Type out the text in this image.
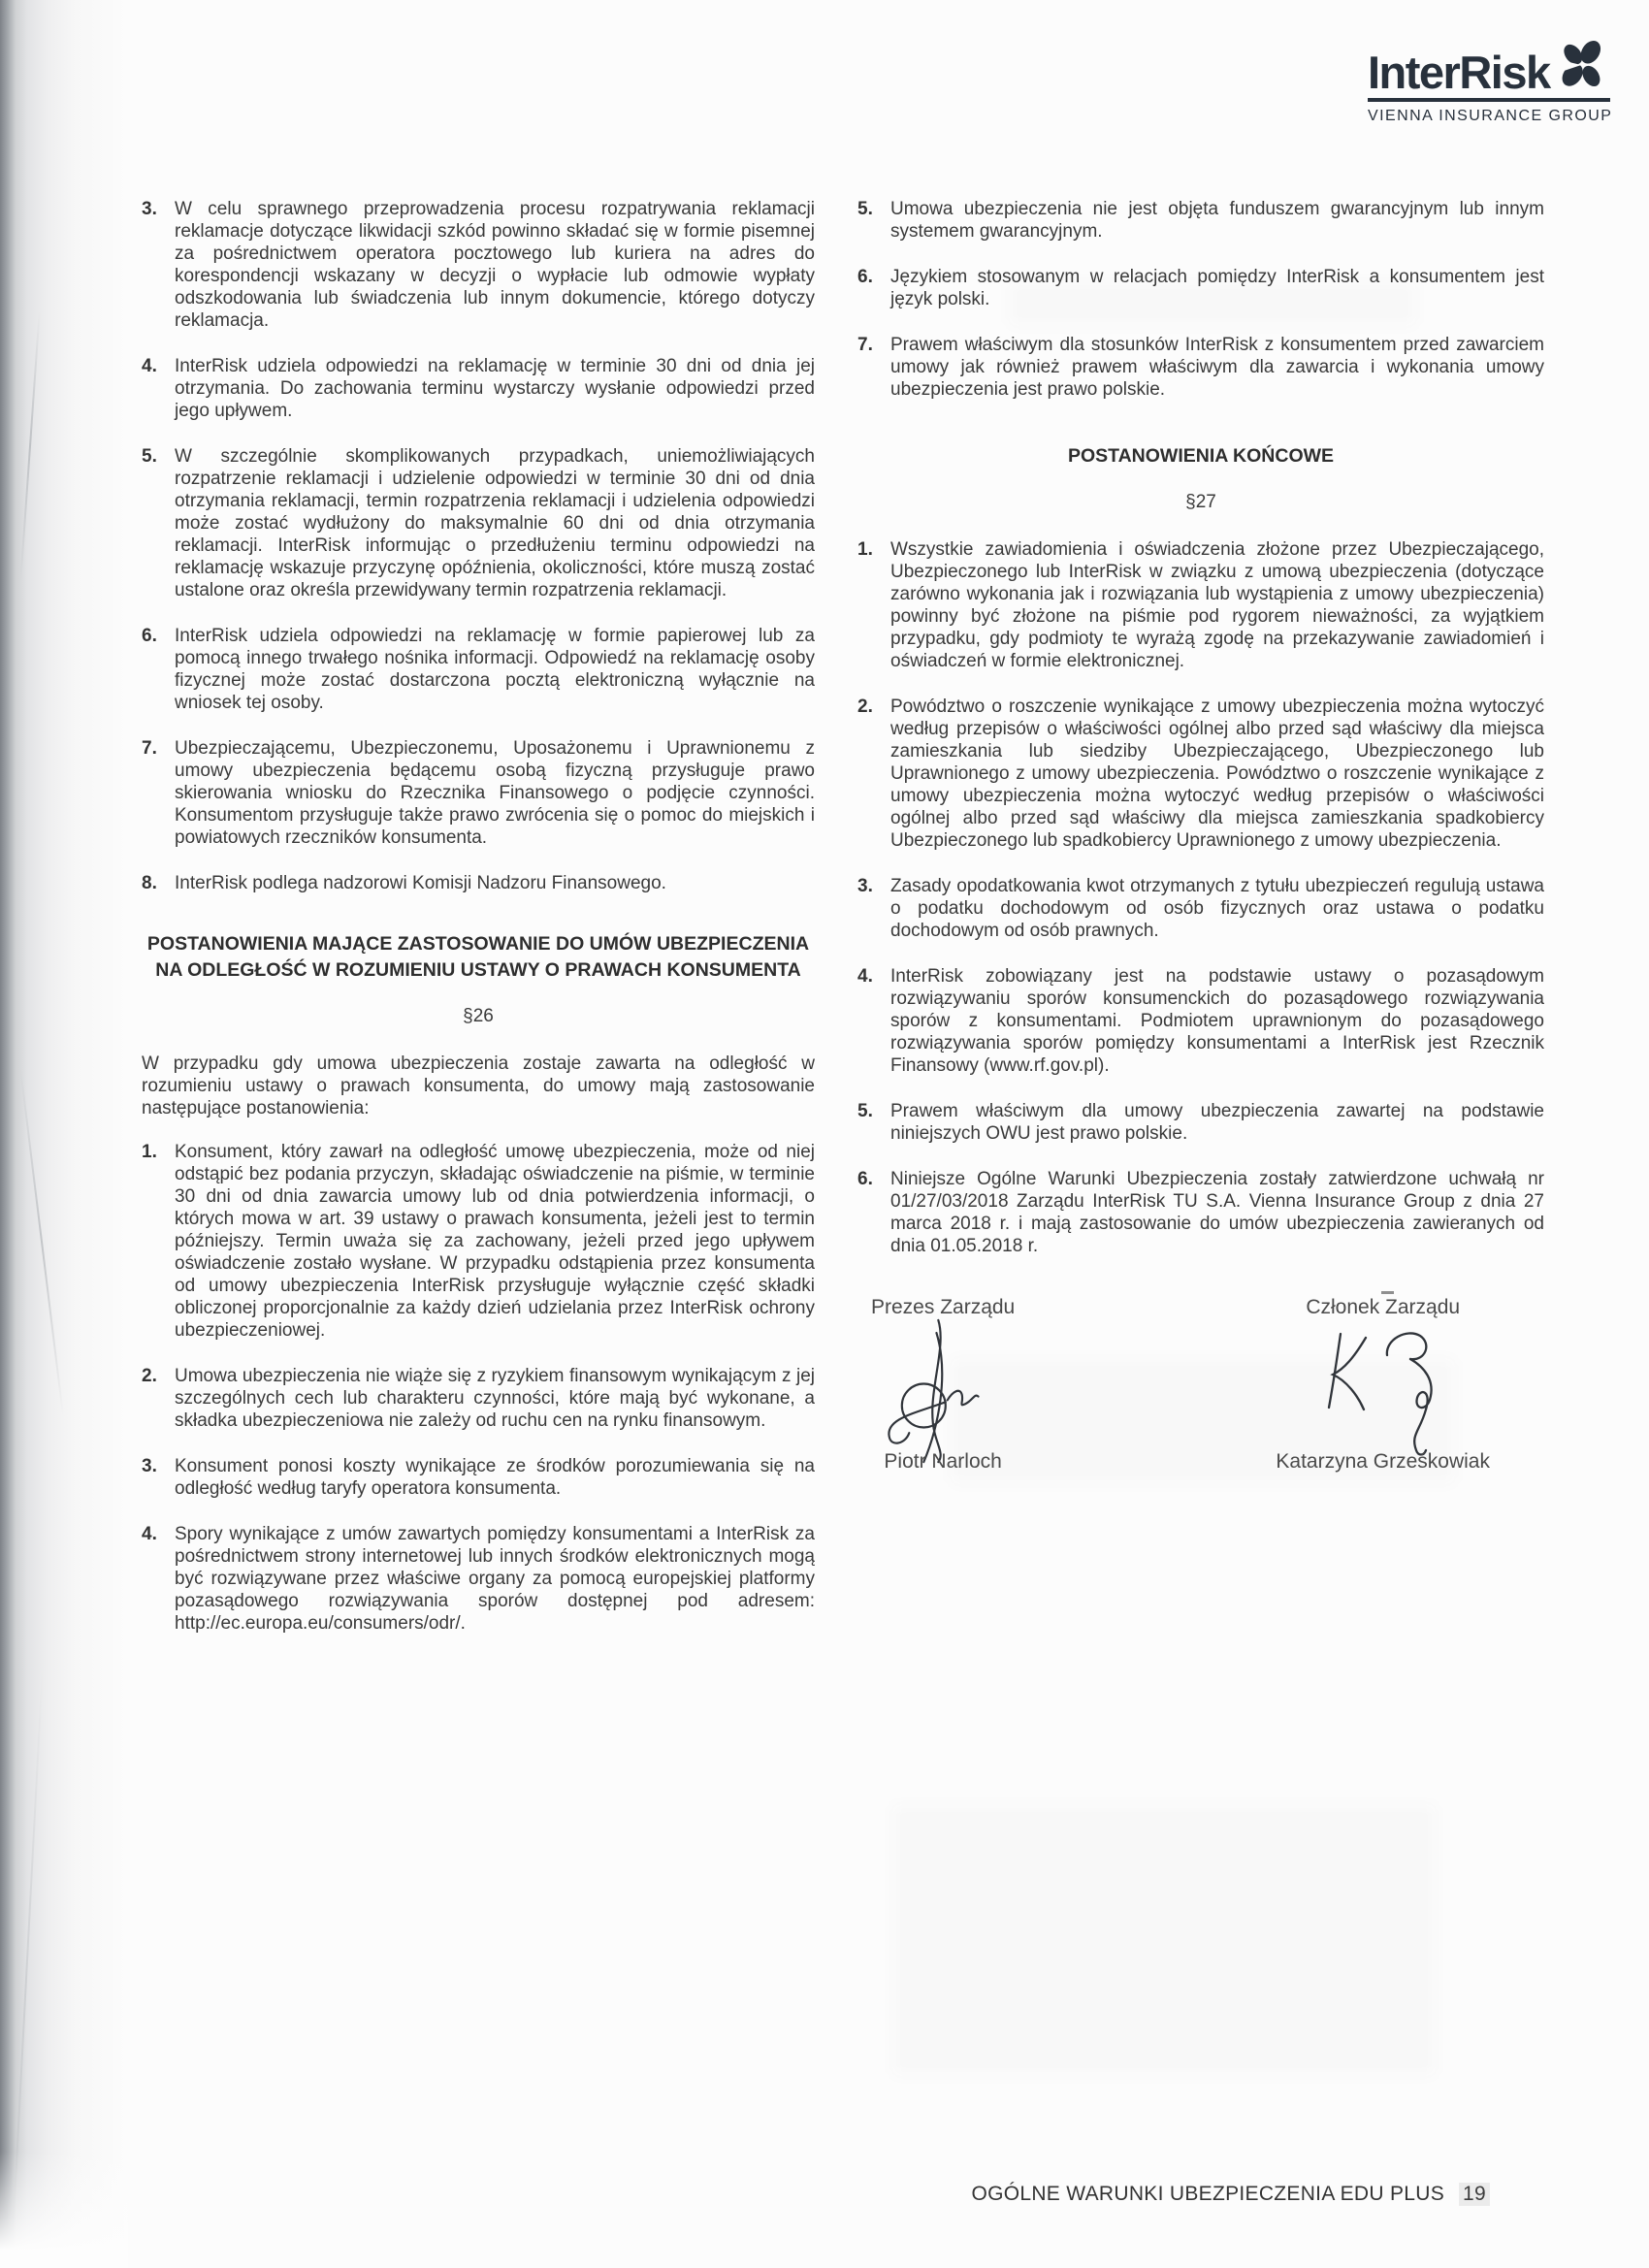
InterRisk
VIENNA INSURANCE GROUP
3. W celu sprawnego przeprowadzenia procesu rozpatrywania reklamacji reklamacje dotyczące likwidacji szkód powinno składać się w formie pisemnej za pośrednictwem operatora pocztowego lub kuriera na adres do korespondencji wskazany w decyzji o wypłacie lub odmowie wypłaty odszkodowania lub świadczenia lub innym dokumencie, którego dotyczy reklamacja.
4. InterRisk udziela odpowiedzi na reklamację w terminie 30 dni od dnia jej otrzymania. Do zachowania terminu wystarczy wysłanie odpowiedzi przed jego upływem.
5. W szczególnie skomplikowanych przypadkach, uniemożliwiających rozpatrzenie reklamacji i udzielenie odpowiedzi w terminie 30 dni od dnia otrzymania reklamacji, termin rozpatrzenia reklamacji i udzielenia odpowiedzi może zostać wydłużony do maksymalnie 60 dni od dnia otrzymania reklamacji. InterRisk informując o przedłużeniu terminu odpowiedzi na reklamację wskazuje przyczynę opóźnienia, okoliczności, które muszą zostać ustalone oraz określa przewidywany termin rozpatrzenia reklamacji.
6. InterRisk udziela odpowiedzi na reklamację w formie papierowej lub za pomocą innego trwałego nośnika informacji. Odpowiedź na reklamację osoby fizycznej może zostać dostarczona pocztą elektroniczną wyłącznie na wniosek tej osoby.
7. Ubezpieczającemu, Ubezpieczonemu, Uposażonemu i Uprawnionemu z umowy ubezpieczenia będącemu osobą fizyczną przysługuje prawo skierowania wniosku do Rzecznika Finansowego o podjęcie czynności. Konsumentom przysługuje także prawo zwrócenia się o pomoc do miejskich i powiatowych rzeczników konsumenta.
8. InterRisk podlega nadzorowi Komisji Nadzoru Finansowego.
POSTANOWIENIA MAJĄCE ZASTOSOWANIE DO UMÓW UBEZPIECZENIA
NA ODLEGŁOŚĆ W ROZUMIENIU USTAWY O PRAWACH KONSUMENTA
§26
W przypadku gdy umowa ubezpieczenia zostaje zawarta na odległość w rozumieniu ustawy o prawach konsumenta, do umowy mają zastosowanie następujące postanowienia:
1. Konsument, który zawarł na odległość umowę ubezpieczenia, może od niej odstąpić bez podania przyczyn, składając oświadczenie na piśmie, w terminie 30 dni od dnia zawarcia umowy lub od dnia potwierdzenia informacji, o których mowa w art. 39 ustawy o prawach konsumenta, jeżeli jest to termin późniejszy. Termin uważa się za zachowany, jeżeli przed jego upływem oświadczenie zostało wysłane. W przypadku odstąpienia przez konsumenta od umowy ubezpieczenia InterRisk przysługuje wyłącznie część składki obliczonej proporcjonalnie za każdy dzień udzielania przez InterRisk ochrony ubezpieczeniowej.
2. Umowa ubezpieczenia nie wiąże się z ryzykiem finansowym wynikającym z jej szczególnych cech lub charakteru czynności, które mają być wykonane, a składka ubezpieczeniowa nie zależy od ruchu cen na rynku finansowym.
3. Konsument ponosi koszty wynikające ze środków porozumiewania się na odległość według taryfy operatora konsumenta.
4. Spory wynikające z umów zawartych pomiędzy konsumentami a InterRisk za pośrednictwem strony internetowej lub innych środków elektronicznych mogą być rozwiązywane przez właściwe organy za pomocą europejskiej platformy pozasądowego rozwiązywania sporów dostępnej pod adresem: http://ec.europa.eu/consumers/odr/.
5. Umowa ubezpieczenia nie jest objęta funduszem gwarancyjnym lub innym systemem gwarancyjnym.
6. Językiem stosowanym w relacjach pomiędzy InterRisk a konsumentem jest język polski.
7. Prawem właściwym dla stosunków InterRisk z konsumentem przed zawarciem umowy jak również prawem właściwym dla zawarcia i wykonania umowy ubezpieczenia jest prawo polskie.
POSTANOWIENIA KOŃCOWE
§27
1. Wszystkie zawiadomienia i oświadczenia złożone przez Ubezpieczającego, Ubezpieczonego lub InterRisk w związku z umową ubezpieczenia (dotyczące zarówno wykonania jak i rozwiązania lub wystąpienia z umowy ubezpieczenia) powinny być złożone na piśmie pod rygorem nieważności, za wyjątkiem przypadku, gdy podmioty te wyrażą zgodę na przekazywanie zawiadomień i oświadczeń w formie elektronicznej.
2. Powództwo o roszczenie wynikające z umowy ubezpieczenia można wytoczyć według przepisów o właściwości ogólnej albo przed sąd właściwy dla miejsca zamieszkania lub siedziby Ubezpieczającego, Ubezpieczonego lub Uprawnionego z umowy ubezpieczenia. Powództwo o roszczenie wynikające z umowy ubezpieczenia można wytoczyć według przepisów o właściwości ogólnej albo przed sąd właściwy dla miejsca zamieszkania spadkobiercy Ubezpieczonego lub spadkobiercy Uprawnionego z umowy ubezpieczenia.
3. Zasady opodatkowania kwot otrzymanych z tytułu ubezpieczeń regulują ustawa o podatku dochodowym od osób fizycznych oraz ustawa o podatku dochodowym od osób prawnych.
4. InterRisk zobowiązany jest na podstawie ustawy o pozasądowym rozwiązywaniu sporów konsumenckich do pozasądowego rozwiązywania sporów z konsumentami. Podmiotem uprawnionym do pozasądowego rozwiązywania sporów pomiędzy konsumentami a InterRisk jest Rzecznik Finansowy (www.rf.gov.pl).
5. Prawem właściwym dla umowy ubezpieczenia zawartej na podstawie niniejszych OWU jest prawo polskie.
6. Niniejsze Ogólne Warunki Ubezpieczenia zostały zatwierdzone uchwałą nr 01/27/03/2018 Zarządu InterRisk TU S.A. Vienna Insurance Group z dnia 27 marca 2018 r. i mają zastosowanie do umów ubezpieczenia zawieranych od dnia 01.05.2018 r.
Prezes Zarządu
Piotr Narloch
Członek Zarządu
Katarzyna Grześkowiak
OGÓLNE WARUNKI UBEZPIECZENIA EDU PLUS 19
